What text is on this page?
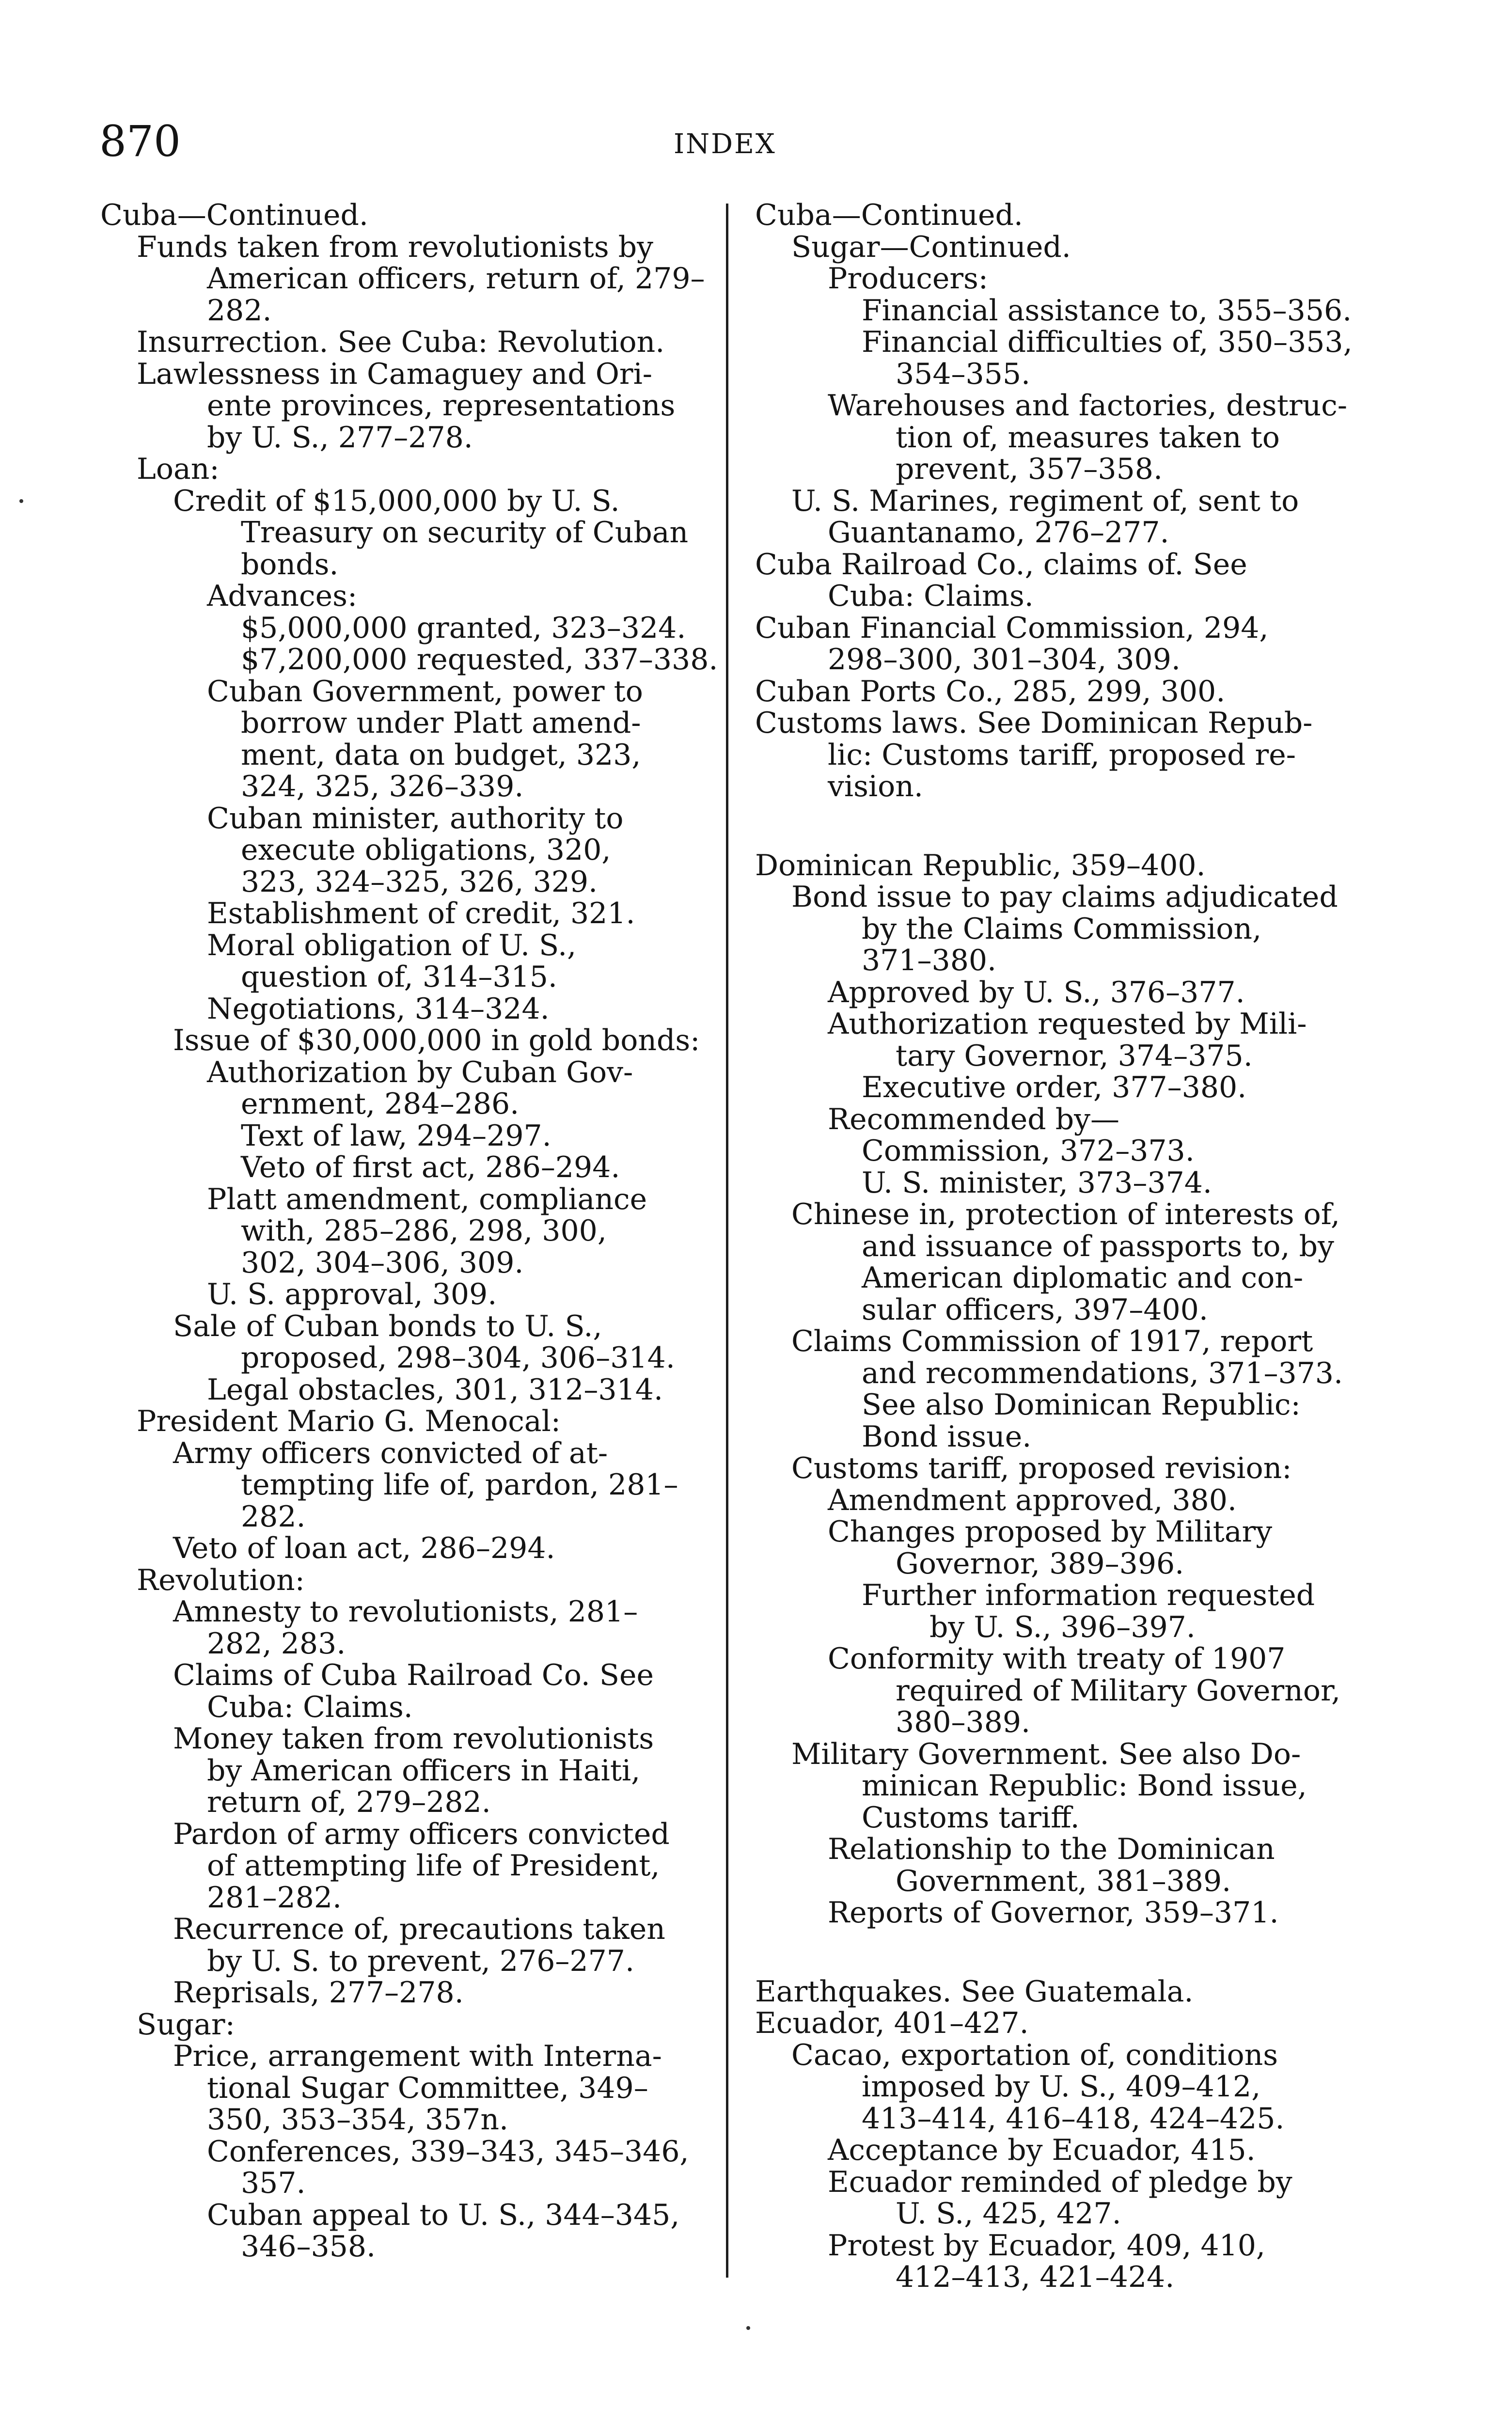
870	INDEX

Cuba—Continued.

Funds taken from revolutionists by

American officers, return of, 279–

282.

Insurrection. See Cuba: Revolution.

Lawlessness in Camaguey and Ori-

ente provinces, representations

by U. S., 277–278.

Loan:

Credit of $15,000,000 by U. S.

Treasury on security of Cuban

bonds.

Advances:

$5,000,000 granted, 323–324.

$7,200,000 requested, 337–338.

Cuban Government, power to

borrow under Platt amend-

ment, data on budget, 323,

324, 325, 326–339.

Cuban minister, authority to

execute obligations, 320,

323, 324–325, 326, 329.

Establishment of credit, 321.

Moral obligation of U. S.,

question of, 314–315.

Negotiations, 314–324.

Issue of $30,000,000 in gold bonds:

Authorization by Cuban Gov-

ernment, 284–286.

Text of law, 294–297.

Veto of first act, 286–294.

Platt amendment, compliance

with, 285–286, 298, 300,

302, 304–306, 309.

U. S. approval, 309.

Sale of Cuban bonds to U. S.,

proposed, 298–304, 306–314.

Legal obstacles, 301, 312–314.

President Mario G. Menocal:

Army officers convicted of at-

tempting life of, pardon, 281–

282.

Veto of loan act, 286–294.

Revolution:

Amnesty to revolutionists, 281–

282, 283.

Claims of Cuba Railroad Co. See

Cuba: Claims.

Money taken from revolutionists

by American officers in Haiti,

return of, 279–282.

Pardon of army officers convicted

of attempting life of President,

281–282.

Recurrence of, precautions taken

by U. S. to prevent, 276–277.

Reprisals, 277–278.

Sugar:

Price, arrangement with Interna-

tional Sugar Committee, 349–

350, 353–354, 357n.

Conferences, 339–343, 345–346,

357.

Cuban appeal to U. S., 344–345,

346–358.

Cuba—Continued.

Sugar—Continued.

Producers:

Financial assistance to, 355–356.

Financial difficulties of, 350–353,

354–355.

Warehouses and factories, destruc-

tion of, measures taken to

prevent, 357–358.

U. S. Marines, regiment of, sent to

Guantanamo, 276–277.

Cuba Railroad Co., claims of. See

Cuba: Claims.

Cuban Financial Commission, 294,

298–300, 301–304, 309.

Cuban Ports Co., 285, 299, 300.

Customs laws. See Dominican Repub-

lic: Customs tariff, proposed re-

vision.

Dominican Republic, 359–400.

Bond issue to pay claims adjudicated

by the Claims Commission,

371–380.

Approved by U. S., 376–377.

Authorization requested by Mili-

tary Governor, 374–375.

Executive order, 377–380.

Recommended by—

Commission, 372–373.

U. S. minister, 373–374.

Chinese in, protection of interests of,

and issuance of passports to, by

American diplomatic and con-

sular officers, 397–400.

Claims Commission of 1917, report

and recommendations, 371–373.

See also Dominican Republic:

Bond issue.

Customs tariff, proposed revision:

Amendment approved, 380.

Changes proposed by Military

Governor, 389–396.

Further information requested

by U. S., 396–397.

Conformity with treaty of 1907

required of Military Governor,

380–389.

Military Government. See also Do-

minican Republic: Bond issue,

Customs tariff.

Relationship to the Dominican

Government, 381–389.

Reports of Governor, 359–371.

Earthquakes. See Guatemala.

Ecuador, 401–427.

Cacao, exportation of, conditions

imposed by U. S., 409–412,

413–414, 416–418, 424–425.

Acceptance by Ecuador, 415.

Ecuador reminded of pledge by

U. S., 425, 427.

Protest by Ecuador, 409, 410,

412–413, 421–424.
